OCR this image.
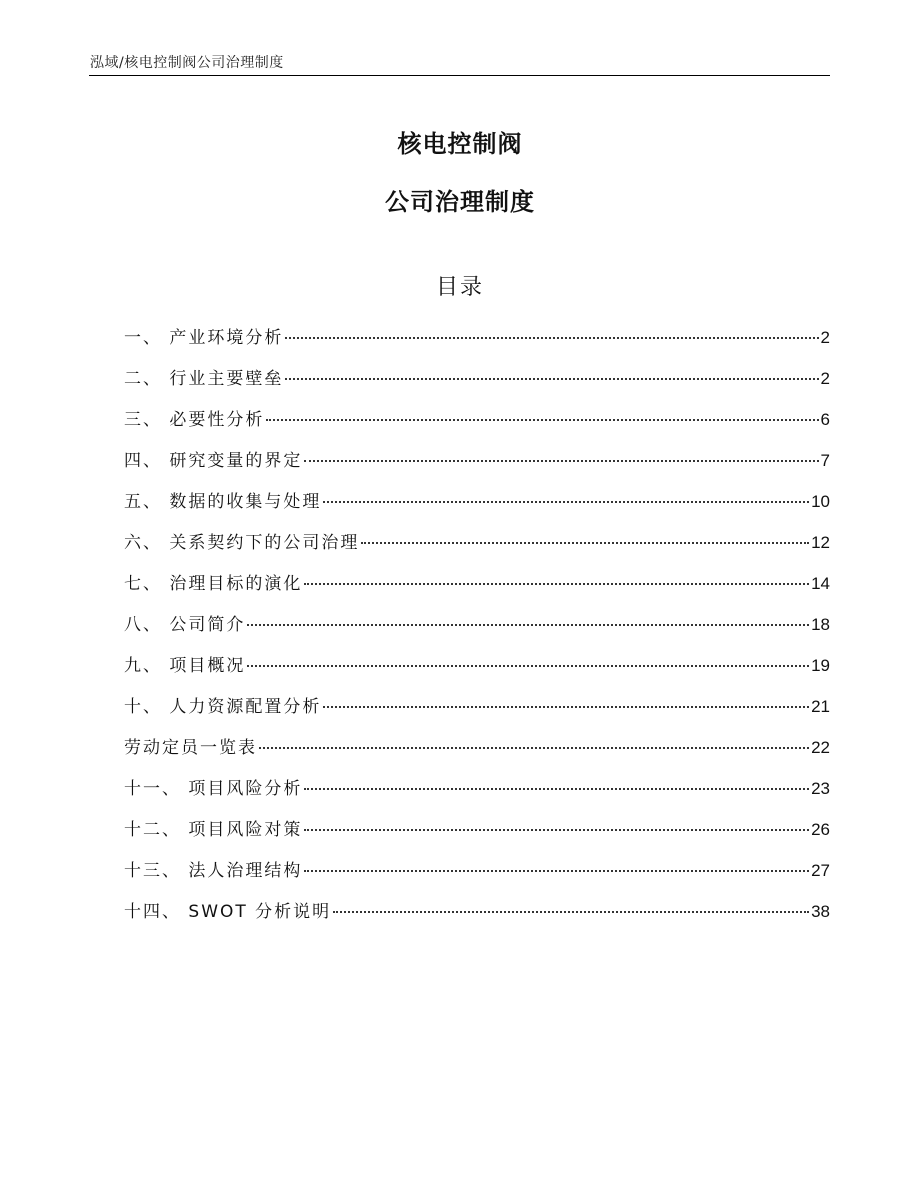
泓域/核电控制阀公司治理制度
核电控制阀
公司治理制度
目录
一、 产业环境分析	2
二、 行业主要壁垒	2
三、 必要性分析	6
四、 研究变量的界定	7
五、 数据的收集与处理	10
六、 关系契约下的公司治理	12
七、 治理目标的演化	14
八、 公司简介	18
九、 项目概况	19
十、 人力资源配置分析	21
劳动定员一览表	22
十一、 项目风险分析	23
十二、 项目风险对策	26
十三、 法人治理结构	27
十四、 SWOT 分析说明	38
